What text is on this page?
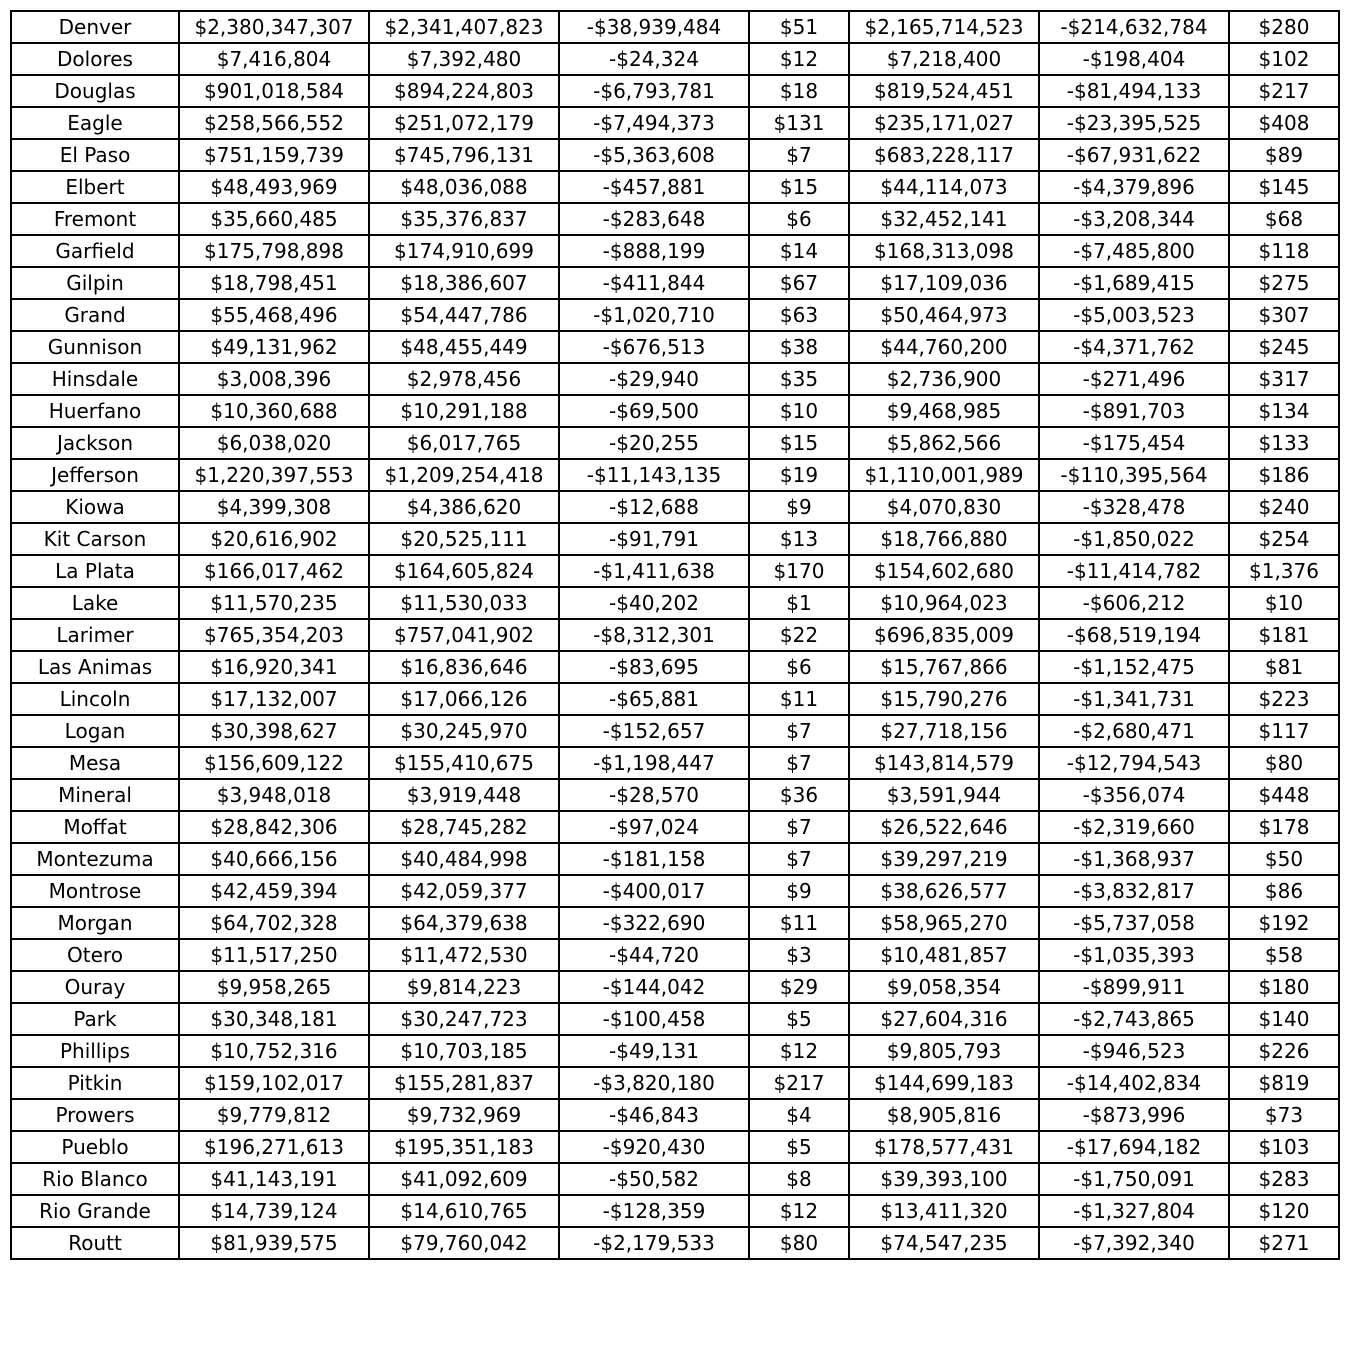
Denver	$2,380,347,307	$2,341,407,823	-$38,939,484	$51	$2,165,714,523	-$214,632,784	$280
Dolores	$7,416,804	$7,392,480	-$24,324	$12	$7,218,400	-$198,404	$102
Douglas	$901,018,584	$894,224,803	-$6,793,781	$18	$819,524,451	-$81,494,133	$217
Eagle	$258,566,552	$251,072,179	-$7,494,373	$131	$235,171,027	-$23,395,525	$408
El Paso	$751,159,739	$745,796,131	-$5,363,608	$7	$683,228,117	-$67,931,622	$89
Elbert	$48,493,969	$48,036,088	-$457,881	$15	$44,114,073	-$4,379,896	$145
Fremont	$35,660,485	$35,376,837	-$283,648	$6	$32,452,141	-$3,208,344	$68
Garfield	$175,798,898	$174,910,699	-$888,199	$14	$168,313,098	-$7,485,800	$118
Gilpin	$18,798,451	$18,386,607	-$411,844	$67	$17,109,036	-$1,689,415	$275
Grand	$55,468,496	$54,447,786	-$1,020,710	$63	$50,464,973	-$5,003,523	$307
Gunnison	$49,131,962	$48,455,449	-$676,513	$38	$44,760,200	-$4,371,762	$245
Hinsdale	$3,008,396	$2,978,456	-$29,940	$35	$2,736,900	-$271,496	$317
Huerfano	$10,360,688	$10,291,188	-$69,500	$10	$9,468,985	-$891,703	$134
Jackson	$6,038,020	$6,017,765	-$20,255	$15	$5,862,566	-$175,454	$133
Jefferson	$1,220,397,553	$1,209,254,418	-$11,143,135	$19	$1,110,001,989	-$110,395,564	$186
Kiowa	$4,399,308	$4,386,620	-$12,688	$9	$4,070,830	-$328,478	$240
Kit Carson	$20,616,902	$20,525,111	-$91,791	$13	$18,766,880	-$1,850,022	$254
La Plata	$166,017,462	$164,605,824	-$1,411,638	$170	$154,602,680	-$11,414,782	$1,376
Lake	$11,570,235	$11,530,033	-$40,202	$1	$10,964,023	-$606,212	$10
Larimer	$765,354,203	$757,041,902	-$8,312,301	$22	$696,835,009	-$68,519,194	$181
Las Animas	$16,920,341	$16,836,646	-$83,695	$6	$15,767,866	-$1,152,475	$81
Lincoln	$17,132,007	$17,066,126	-$65,881	$11	$15,790,276	-$1,341,731	$223
Logan	$30,398,627	$30,245,970	-$152,657	$7	$27,718,156	-$2,680,471	$117
Mesa	$156,609,122	$155,410,675	-$1,198,447	$7	$143,814,579	-$12,794,543	$80
Mineral	$3,948,018	$3,919,448	-$28,570	$36	$3,591,944	-$356,074	$448
Moffat	$28,842,306	$28,745,282	-$97,024	$7	$26,522,646	-$2,319,660	$178
Montezuma	$40,666,156	$40,484,998	-$181,158	$7	$39,297,219	-$1,368,937	$50
Montrose	$42,459,394	$42,059,377	-$400,017	$9	$38,626,577	-$3,832,817	$86
Morgan	$64,702,328	$64,379,638	-$322,690	$11	$58,965,270	-$5,737,058	$192
Otero	$11,517,250	$11,472,530	-$44,720	$3	$10,481,857	-$1,035,393	$58
Ouray	$9,958,265	$9,814,223	-$144,042	$29	$9,058,354	-$899,911	$180
Park	$30,348,181	$30,247,723	-$100,458	$5	$27,604,316	-$2,743,865	$140
Phillips	$10,752,316	$10,703,185	-$49,131	$12	$9,805,793	-$946,523	$226
Pitkin	$159,102,017	$155,281,837	-$3,820,180	$217	$144,699,183	-$14,402,834	$819
Prowers	$9,779,812	$9,732,969	-$46,843	$4	$8,905,816	-$873,996	$73
Pueblo	$196,271,613	$195,351,183	-$920,430	$5	$178,577,431	-$17,694,182	$103
Rio Blanco	$41,143,191	$41,092,609	-$50,582	$8	$39,393,100	-$1,750,091	$283
Rio Grande	$14,739,124	$14,610,765	-$128,359	$12	$13,411,320	-$1,327,804	$120
Routt	$81,939,575	$79,760,042	-$2,179,533	$80	$74,547,235	-$7,392,340	$271
